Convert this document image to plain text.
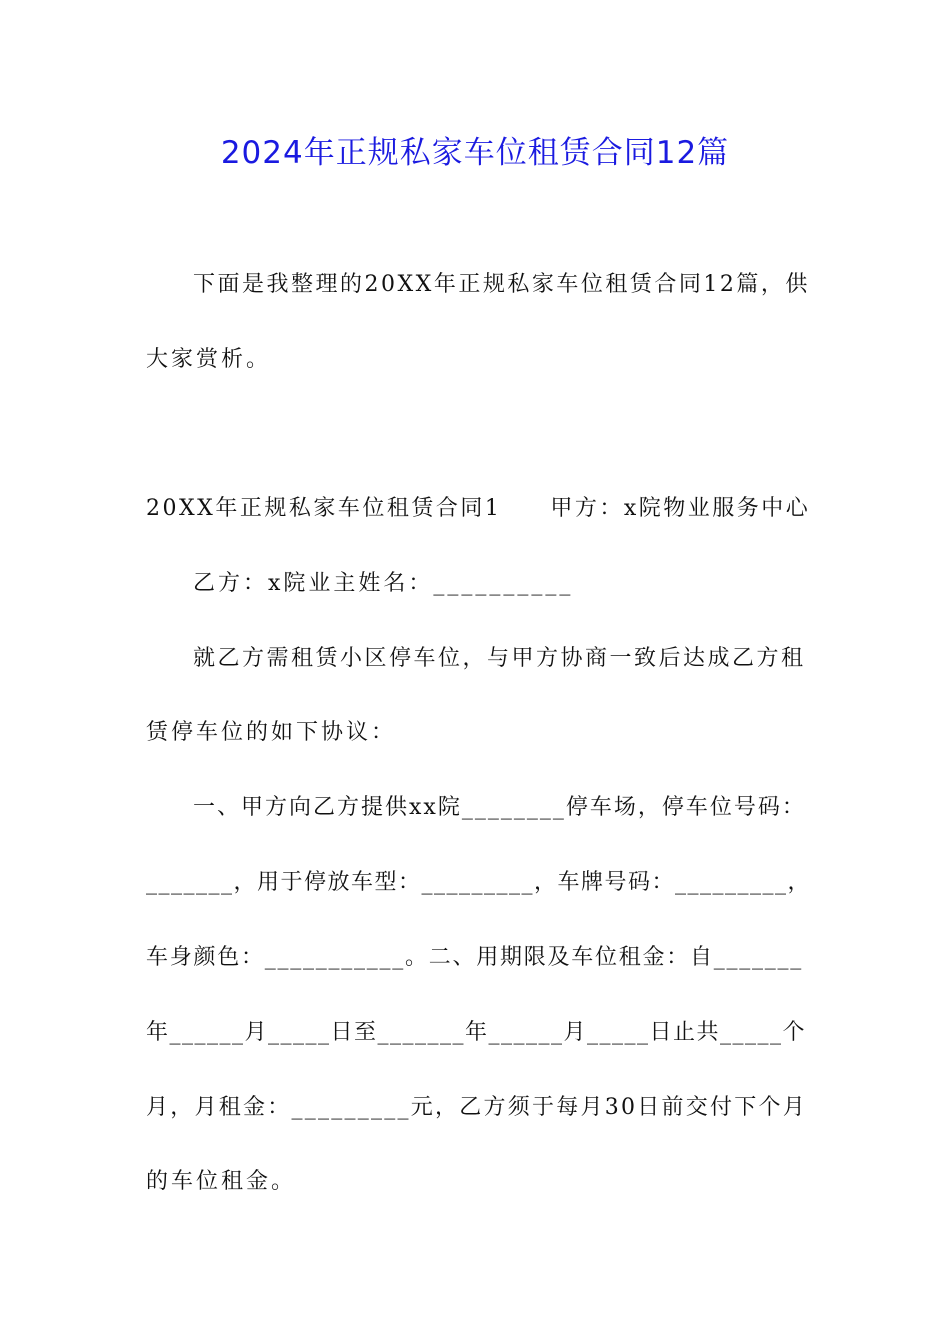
2024年正规私家车位租赁合同12篇

下面是我整理的20XX年正规私家车位租赁合同12篇，供

大家赏析。

20XX年正规私家车位租赁合同1　　甲方：x院物业服务中心

乙方：x院业主姓名：__________

就乙方需租赁小区停车位，与甲方协商一致后达成乙方租

赁停车位的如下协议：

一、甲方向乙方提供xx院________停车场，停车位号码：

_______，用于停放车型：_________，车牌号码：_________，

车身颜色：___________。二、用期限及车位租金：自_______

年______月_____日至_______年______月_____日止共_____个

月，月租金：_________元，乙方须于每月30日前交付下个月

的车位租金。
